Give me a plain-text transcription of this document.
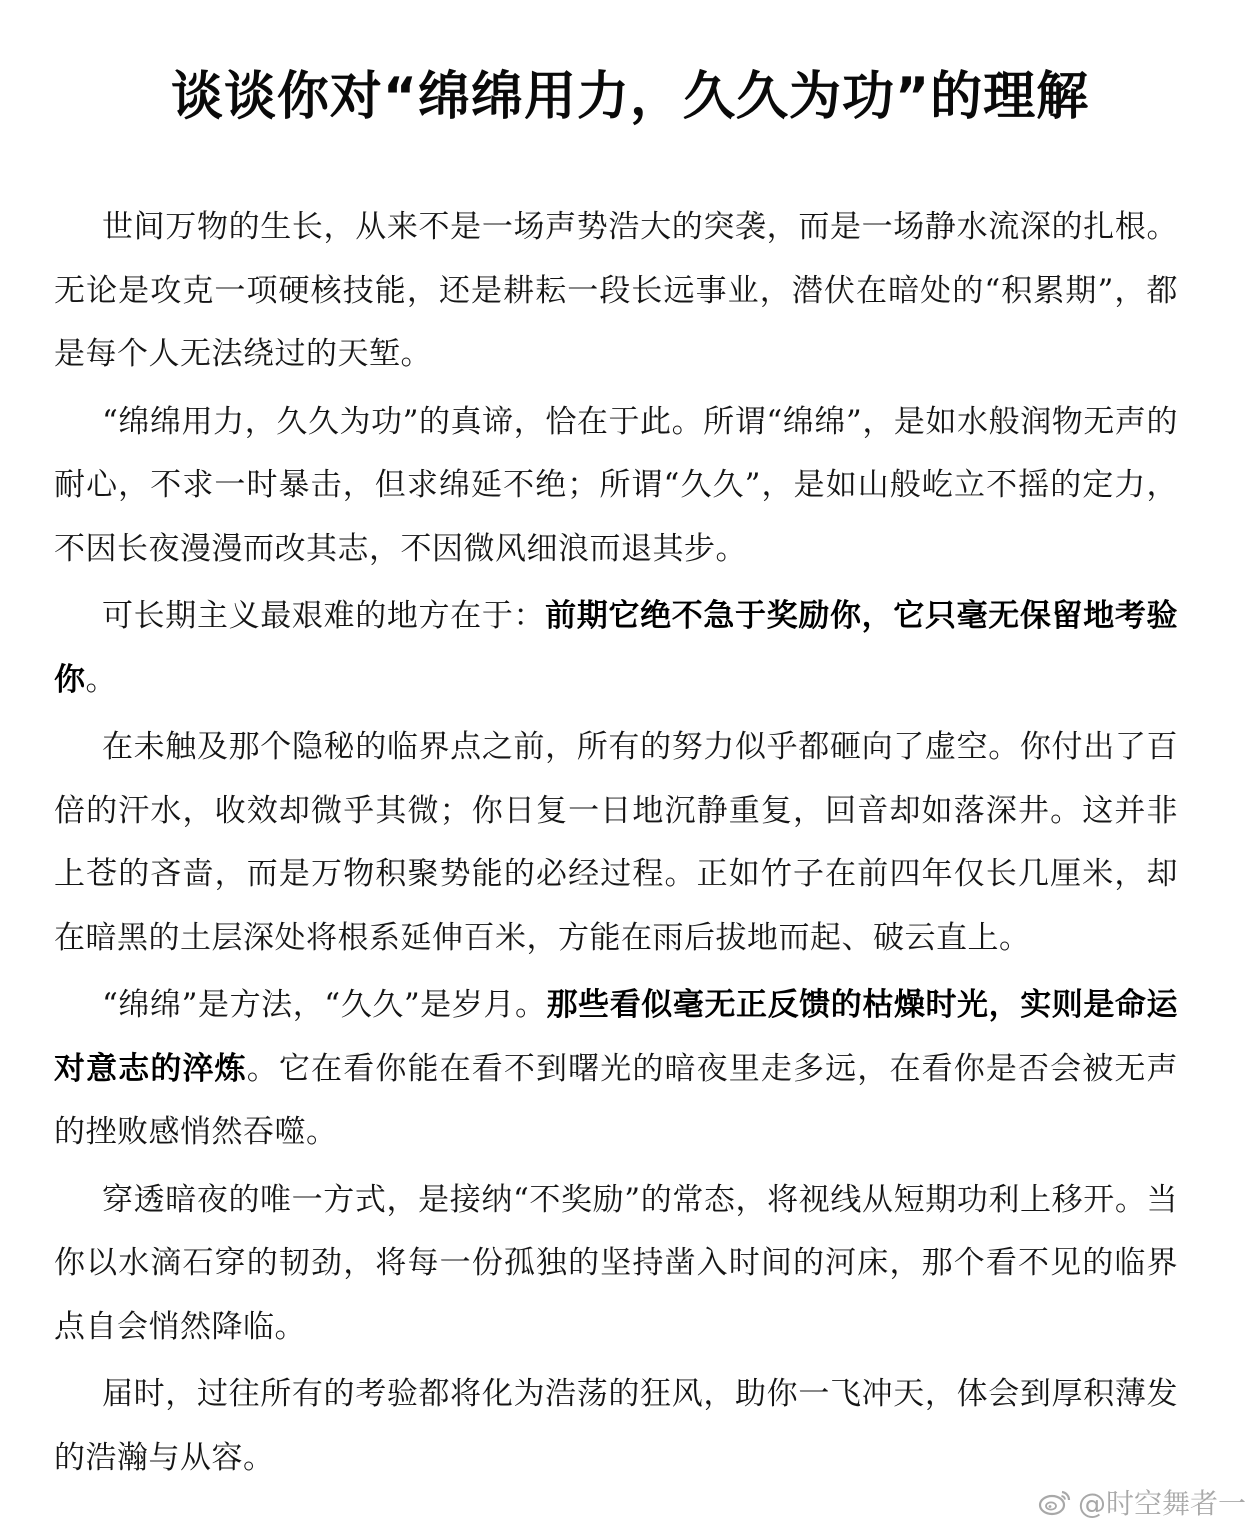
谈谈你对“绵绵用力，久久为功”的理解

世间万物的生长，从来不是一场声势浩大的突袭，而是一场静水流深的扎根。无论是攻克一项硬核技能，还是耕耘一段长远事业，潜伏在暗处的“积累期”，都是每个人无法绕过的天堑。

“绵绵用力，久久为功”的真谛，恰在于此。所谓“绵绵”，是如水般润物无声的耐心，不求一时暴击，但求绵延不绝；所谓“久久”，是如山般屹立不摇的定力，不因长夜漫漫而改其志，不因微风细浪而退其步。

可长期主义最艰难的地方在于：前期它绝不急于奖励你，它只毫无保留地考验你。

在未触及那个隐秘的临界点之前，所有的努力似乎都砸向了虚空。你付出了百倍的汗水，收效却微乎其微；你日复一日地沉静重复，回音却如落深井。这并非上苍的吝啬，而是万物积聚势能的必经过程。正如竹子在前四年仅长几厘米，却在暗黑的土层深处将根系延伸百米，方能在雨后拔地而起、破云直上。

“绵绵”是方法，“久久”是岁月。那些看似毫无正反馈的枯燥时光，实则是命运对意志的淬炼。它在看你能在看不到曙光的暗夜里走多远，在看你是否会被无声的挫败感悄然吞噬。

穿透暗夜的唯一方式，是接纳“不奖励”的常态，将视线从短期功利上移开。当你以水滴石穿的韧劲，将每一份孤独的坚持凿入时间的河床，那个看不见的临界点自会悄然降临。

届时，过往所有的考验都将化为浩荡的狂风，助你一飞冲天，体会到厚积薄发的浩瀚与从容。

@时空舞者一
